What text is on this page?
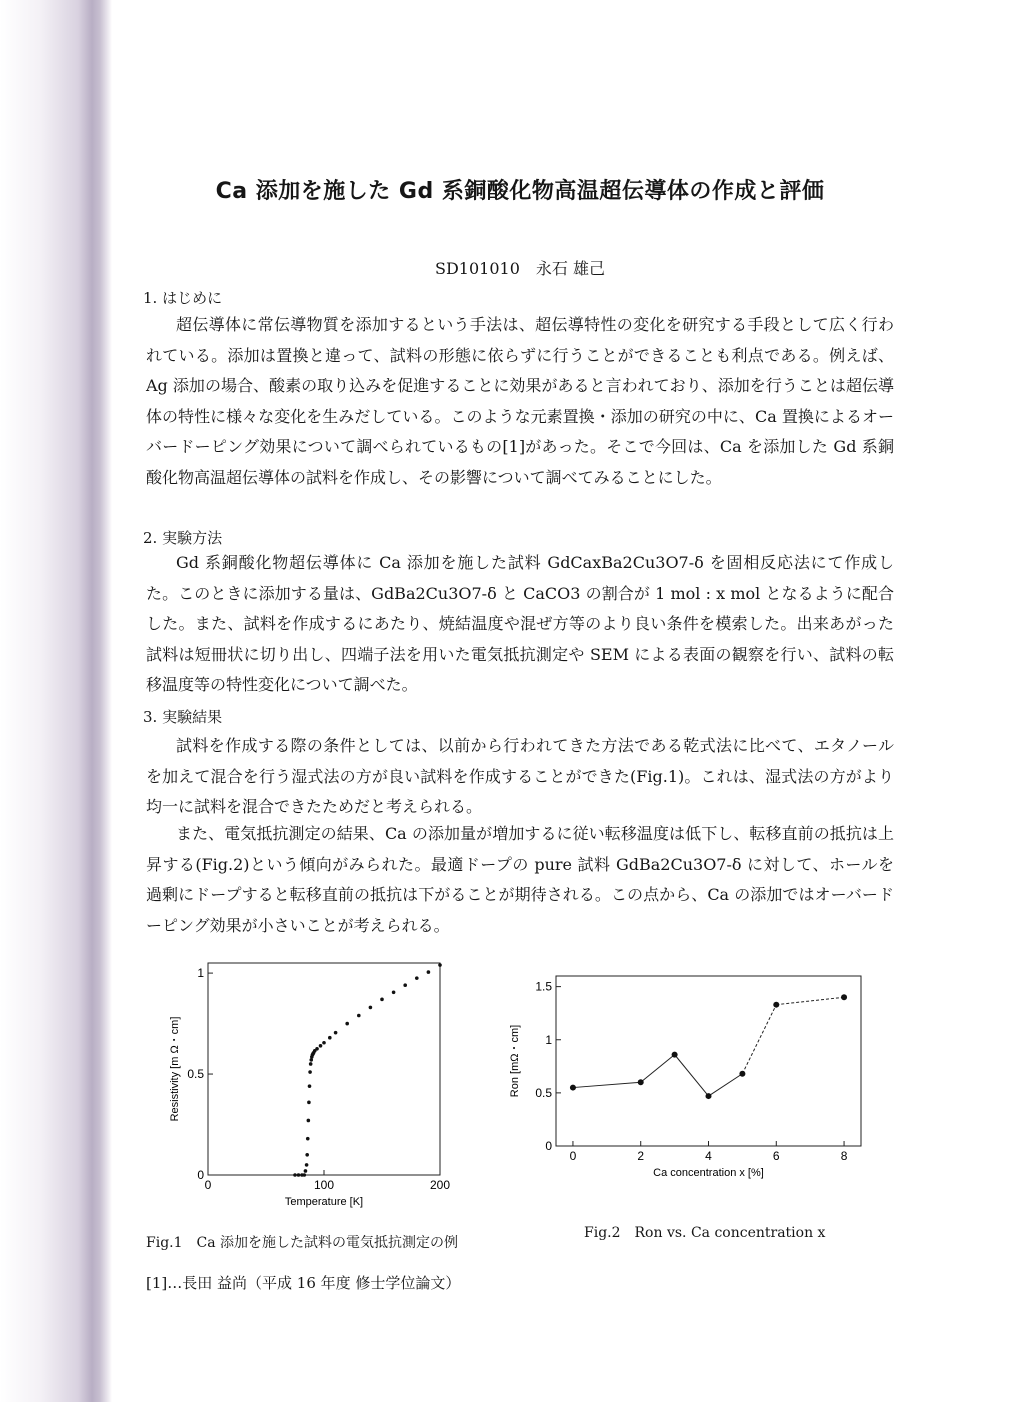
Ca 添加を施した Gd 系銅酸化物高温超伝導体の作成と評価
SD101010　永石 雄己
1. はじめに

超伝導体に常伝導物質を添加するという手法は、超伝導特性の変化を研究する手段として広く行われている。添加は置換と違って、試料の形態に依らずに行うことができることも利点である。例えば、Ag 添加の場合、酸素の取り込みを促進することに効果があると言われており、添加を行うことは超伝導体の特性に様々な変化を生みだしている。このような元素置換・添加の研究の中に、Ca 置換によるオーバードーピング効果について調べられているもの[1]があった。そこで今回は、Ca を添加した Gd 系銅酸化物高温超伝導体の試料を作成し、その影響について調べてみることにした。

2. 実験方法

Gd 系銅酸化物超伝導体に Ca 添加を施した試料 GdCaxBa2Cu3O7-δ を固相反応法にて作成した。このときに添加する量は、GdBa2Cu3O7-δ と CaCO3 の割合が 1 mol : x mol となるように配合した。また、試料を作成するにあたり、焼結温度や混ぜ方等のより良い条件を模索した。出来あがった試料は短冊状に切り出し、四端子法を用いた電気抵抗測定や SEM による表面の観察を行い、試料の転移温度等の特性変化について調べた。

3. 実験結果

試料を作成する際の条件としては、以前から行われてきた方法である乾式法に比べて、エタノールを加えて混合を行う湿式法の方が良い試料を作成することができた(Fig.1)。これは、湿式法の方がより均一に試料を混合できたためだと考えられる。

また、電気抵抗測定の結果、Ca の添加量が増加するに従い転移温度は低下し、転移直前の抵抗は上昇する(Fig.2)という傾向がみられた。最適ドープの pure 試料 GdBa2Cu3O7-δ に対して、ホールを過剰にドープすると転移直前の抵抗は下がることが期待される。この点から、Ca の添加ではオーバードーピング効果が小さいことが考えられる。

0	100	200
0
0.5
1
Temperature [K]
Resistivity [m Ω・cm]
0	2	4	6	8
0
0.5
1
1.5
Ca concentration x [%]
Ron [mΩ・cm]
Fig.1　Ca 添加を施した試料の電気抵抗測定の例
Fig.2　Ron vs. Ca concentration x
[1]…長田 益尚（平成 16 年度 修士学位論文）
